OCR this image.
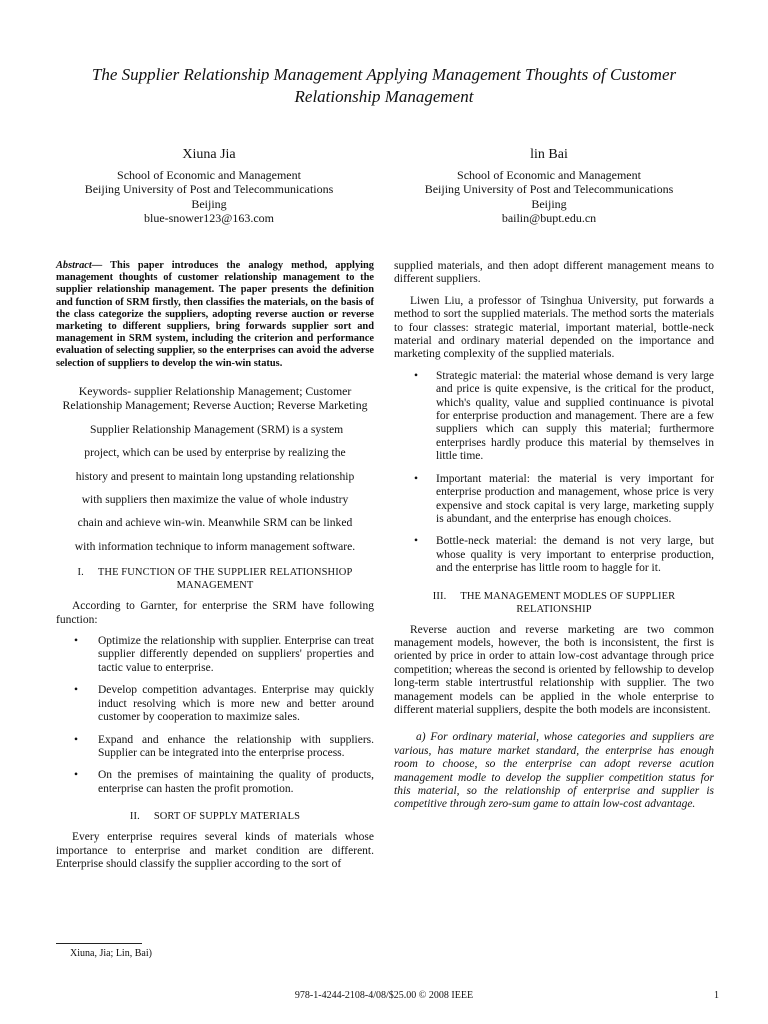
The Supplier Relationship Management Applying Management Thoughts of Customer Relationship Management
Xiuna Jia
School of Economic and Management
Beijing University of Post and Telecommunications
Beijing
blue-snower123@163.com
lin Bai
School of Economic and Management
Beijing University of Post and Telecommunications
Beijing
bailin@bupt.edu.cn

Abstract— This paper introduces the analogy method, applying management thoughts of customer relationship management to the supplier relationship management. The paper presents the definition and function of SRM firstly, then classifies the materials, on the basis of the class categorize the suppliers, adopting reverse auction or reverse marketing to different suppliers, bring forwards supplier sort and management in SRM system, including the criterion and performance evaluation of selecting supplier, so the enterprises can avoid the adverse selection of suppliers to develop the win-win status.

Keywords- supplier Relationship Management; Customer Relationship Management; Reverse Auction; Reverse Marketing

Supplier Relationship Management (SRM) is a system
project, which can be used by enterprise by realizing the
history and present to maintain long upstanding relationship
with suppliers then maximize the value of whole industry
chain and achieve win-win. Meanwhile SRM can be linked
with information technique to inform management software.
I. THE FUNCTION OF THE SUPPLIER RELATIONSHIOP MANAGEMENT

According to Garnter, for enterprise the SRM have following function:

• Optimize the relationship with supplier. Enterprise can treat supplier differently depended on suppliers' properties and tactic value to enterprise.
• Develop competition advantages. Enterprise may quickly induct resolving which is more new and better around customer by cooperation to maximize sales.
• Expand and enhance the relationship with suppliers. Supplier can be integrated into the enterprise process.
• On the premises of maintaining the quality of products, enterprise can hasten the profit promotion.
II. SORT OF SUPPLY MATERIALS

Every enterprise requires several kinds of materials whose importance to enterprise and market condition are different. Enterprise should classify the supplier according to the sort of

supplied materials, and then adopt different management means to different suppliers.

Liwen Liu, a professor of Tsinghua University, put forwards a method to sort the supplied materials. The method sorts the materials to four classes: strategic material, important material, bottle-neck material and ordinary material depended on the importance and marketing complexity of the supplied materials.

• Strategic material: the material whose demand is very large and price is quite expensive, is the critical for the product, which's quality, value and supplied continuance is pivotal for enterprise production and management. There are a few suppliers which can supply this material; furthermore enterprises hardly produce this material by themselves in little time.
• Important material: the material is very important for enterprise production and management, whose price is very expensive and stock capital is very large, marketing supply is abundant, and the enterprise has enough choices.
• Bottle-neck material: the demand is not very large, but whose quality is very important to enterprise production, and the enterprise has little room to haggle for it.
III. THE MANAGEMENT MODLES OF SUPPLIER RELATIONSHIP

Reverse auction and reverse marketing are two common management models, however, the both is inconsistent, the first is oriented by price in order to attain low-cost advantage through price competition; whereas the second is oriented by fellowship to develop long-term stable intertrustful relationship with supplier. The two management models can be applied in the whole enterprise to different material suppliers, despite the both models are inconsistent.

a) For ordinary material, whose categories and suppliers are various, has mature market standard, the enterprise has enough room to choose, so the enterprise can adopt reverse acution management modle to develop the supplier competition status for this material, so the relationship of enterprise and supplier is competitive through zero-sum game to attain low-cost advantage.

Xiuna, Jia; Lin, Bai)
978-1-4244-2108-4/08/$25.00 © 2008 IEEE	1
